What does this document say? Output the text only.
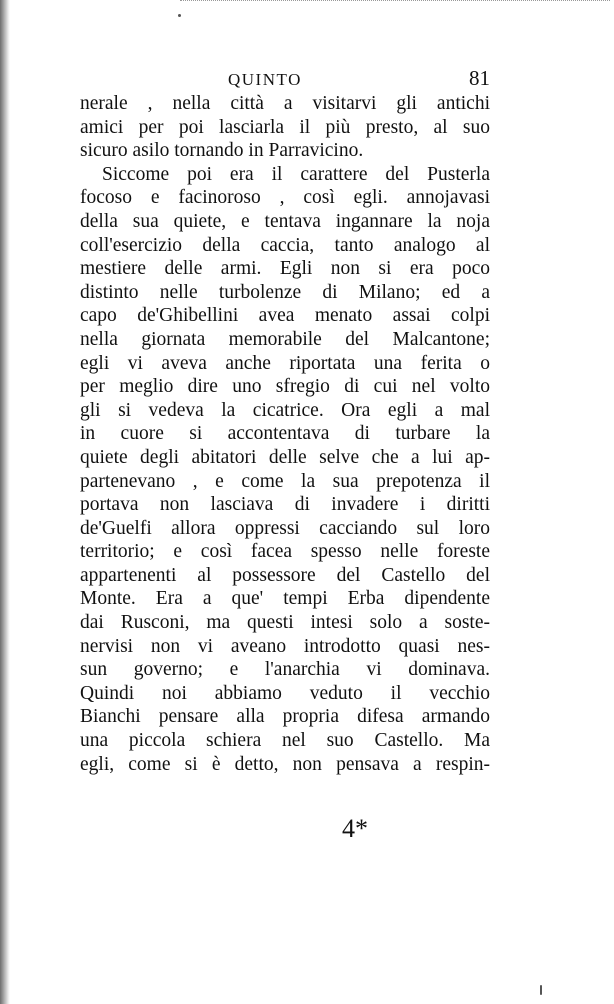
QUINTO	81
nerale , nella città a visitarvi gli antichi
amici per poi lasciarla il più presto, al suo
sicuro asilo tornando in Parravicino.
Siccome poi era il carattere del Pusterla
focoso e facinoroso , così egli. annojavasi
della sua quiete, e tentava ingannare la noja
coll'esercizio della caccia, tanto analogo al
mestiere delle armi. Egli non si era poco
distinto nelle turbolenze di Milano; ed a
capo de'Ghibellini avea menato assai colpi
nella giornata memorabile del Malcantone;
egli vi aveva anche riportata una ferita o
per meglio dire uno sfregio di cui nel volto
gli si vedeva la cicatrice. Ora egli a mal
in cuore si accontentava di turbare la
quiete degli abitatori delle selve che a lui ap-
partenevano , e come la sua prepotenza il
portava non lasciava di invadere i diritti
de'Guelfi allora oppressi cacciando sul loro
territorio; e così facea spesso nelle foreste
appartenenti al possessore del Castello del
Monte. Era a que' tempi Erba dipendente
dai Rusconi, ma questi intesi solo a soste-
nervisi non vi aveano introdotto quasi nes-
sun governo; e l'anarchia vi dominava.
Quindi noi abbiamo veduto il vecchio
Bianchi pensare alla propria difesa armando
una piccola schiera nel suo Castello. Ma
egli, come si è detto, non pensava a respin-
4*
